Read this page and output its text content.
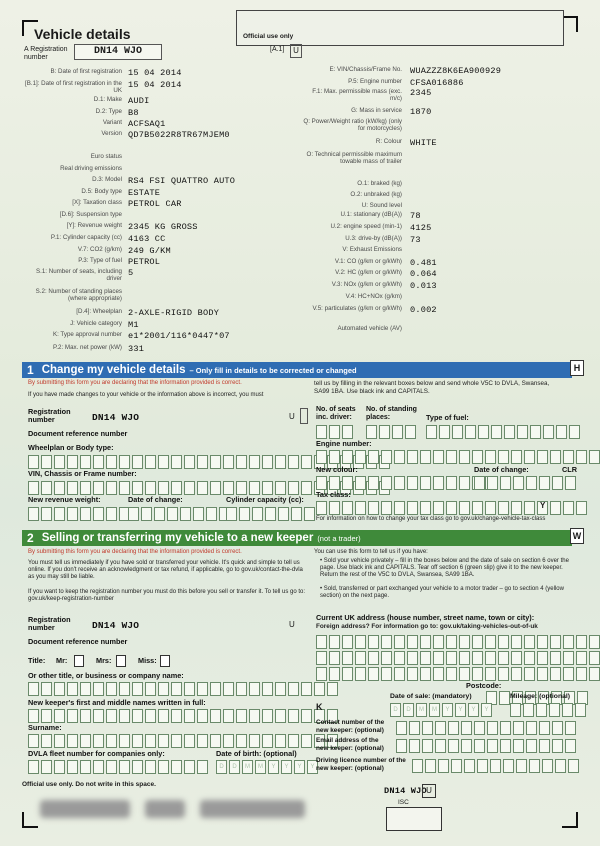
Vehicle details	Official use only
A Registration number
DN14 WJO	[A.1]	U
B: Date of first registration 15 04 2014
[B.1]: Date of first registration in the UK
15 04 2014
D.1: Make AUDI
D.2: Type B8
Variant ACFSAQ1
Version QD7B5022R8TR67MJEM0
Euro status
Real driving emissions
D.3: Model RS4 FSI QUATTRO AUTO
D.5: Body type ESTATE
[X]: Taxation class PETROL CAR
[D.6]: Suspension type
[Y]: Revenue weight 2345 KG GROSS
P.1: Cylinder capacity (cc) 4163 CC
V.7: CO2 (g/km) 249 G/KM
P.3: Type of fuel PETROL
S.1: Number of seats, including driver
5
S.2: Number of standing places (where appropriate)
[D.4]: Wheelplan 2-AXLE-RIGID BODY
J: Vehicle category M1
K: Type approval number e1*2001/116*0447*07
P.2: Max. net power (kW) 331
E: VIN/Chassis/Frame No. WUAZZZ8K6EA900929
P.5: Engine number CFSA016886
F.1: Max. permissible mass (exc. m/c)
2345
G: Mass in service 1870
Q: Power/Weight ratio (kW/kg) (only for motorcycles)
R: Colour WHITE
O: Technical permissible maximum towable mass of trailer
O.1: braked (kg)
O.2: unbraked (kg)
U: Sound level
U.1: stationary (dB(A)) 78
U.2: engine speed (min-1) 4125
U.3: drive-by (dB(A)) 73
V: Exhaust Emissions
V.1: CO (g/km or g/kWh) 0.481
V.2: HC (g/km or g/kWh) 0.064
V.3: NOx (g/km or g/kWh) 0.013
V.4: HC+NOx (g/km)
V.5: particulates (g/km or g/kWh) 0.002
Automated vehicle (AV)
1 Change my vehicle details – Only fill in details to be corrected or changed	H
By submitting this form you are declaring that the information provided is correct.
If you have made changes to your vehicle or the information above is incorrect, you must
tell us by filling in the relevant boxes below and send whole V5C to DVLA, Swansea, SA99 1BA. Use black ink and CAPITALS.
Registration number	DN14 WJO	U
Document reference number
Wheelplan or Body type:
VIN, Chassis or Frame number:
New revenue weight:	Date of change:	Cylinder capacity (cc):
No. of seats inc. driver:
No. of standing places:	Type of fuel:
Engine number:
New colour:	Date of change:	CLR
Tax class:
Y
For information on how to change your tax class go to gov.uk/change-vehicle-tax-class
2 Selling or transferring my vehicle to a new keeper (not a trader)	W
By submitting this form you are declaring that the information provided is correct.
You must tell us immediately if you have sold or transferred your vehicle. It's quick and simple to tell us online. If you don't receive an acknowledgment or tax refund, if applicable, go to gov.uk/contact-the-dvla as you may still be liable.
If you want to keep the registration number you must do this before you sell or transfer it. To tell us go to: gov.uk/keep-registration-number
You can use this form to tell us if you have:
• Sold your vehicle privately – fill in the boxes below and the date of sale on section 6 over the page. Use black ink and CAPITALS. Tear off section 6 (green slip) give it to the new keeper. Return the rest of the V5C to DVLA, Swansea, SA99 1BA.
• Sold, transferred or part exchanged your vehicle to a motor trader – go to section 4 (yellow section) on the next page.
Registration number	DN14 WJO	U
Document reference number
Title: Mr:	Mrs:	Miss:
Or other title, or business or company name:
New keeper's first and middle names written in full:
Surname:
DVLA fleet number for companies only:	Date of birth: (optional)
D	D	M	M	Y	Y	Y	Y
Current UK address (house number, street name, town or city):
Foreign address? For information go to: gov.uk/taking-vehicles-out-of-uk
Postcode:
K
Date of sale: (mandatory)	Mileage: (optional)
D	D	M	M	Y	Y	Y	Y
Contact number of the new keeper: (optional)
Email address of the new keeper: (optional)
Driving licence number of the new keeper: (optional)
Official use only. Do not write in this space.
DN14 WJO U
ISC
